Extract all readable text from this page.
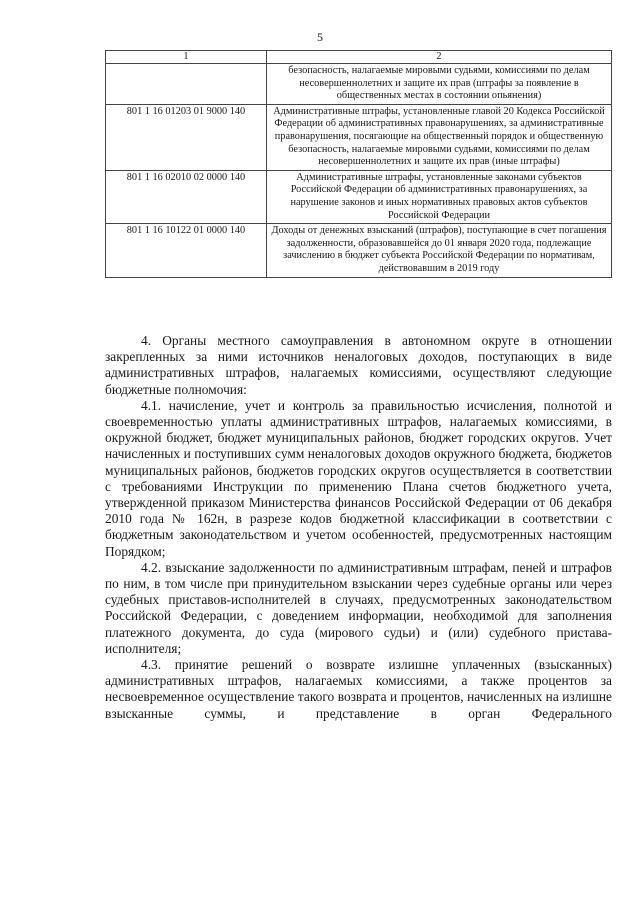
5
1	2
	безопасность, налагаемые мировыми судьями, комиссиями по делам несовершеннолетних и защите их прав (штрафы за появление в общественных местах в состоянии опьянения)
801 1 16 01203 01 9000 140	Административные штрафы, установленные главой 20 Кодекса Российской Федерации об административных правонарушениях, за административные правонарушения, посягающие на общественный порядок и общественную безопасность, налагаемые мировыми судьями, комиссиями по делам несовершеннолетних и защите их прав (иные штрафы)
801 1 16 02010 02 0000 140	Административные штрафы, установленные законами субъектов Российской Федерации об административных правонарушениях, за нарушение законов и иных нормативных правовых актов субъектов Российской Федерации
801 1 16 10122 01 0000 140	Доходы от денежных взысканий (штрафов), поступающие в счет погашения задолженности, образовавшейся до 01 января 2020 года, подлежащие зачислению в бюджет субъекта Российской Федерации по нормативам, действовавшим в 2019 году

4. Органы местного самоуправления в автономном округе в отношении закрепленных за ними источников неналоговых доходов, поступающих в виде административных штрафов, налагаемых комиссиями, осуществляют следующие бюджетные полномочия:

4.1. начисление, учет и контроль за правильностью исчисления, полнотой и своевременностью уплаты административных штрафов, налагаемых комиссиями, в окружной бюджет, бюджет муниципальных районов, бюджет городских округов. Учет начисленных и поступивших сумм неналоговых доходов окружного бюджета, бюджетов муниципальных районов, бюджетов городских округов осуществляется в соответствии с требованиями Инструкции по применению Плана счетов бюджетного учета, утвержденной приказом Министерства финансов Российской Федерации от 06 декабря 2010 года № 162н, в разрезе кодов бюджетной классификации в соответствии с бюджетным законодательством и учетом особенностей, предусмотренных настоящим Порядком;

4.2. взыскание задолженности по административным штрафам, пеней и штрафов по ним, в том числе при принудительном взыскании через судебные органы или через судебных приставов-исполнителей в случаях, предусмотренных законодательством Российской Федерации, с доведением информации, необходимой для заполнения платежного документа, до суда (мирового судьи) и (или) судебного пристава-исполнителя;

4.3. принятие решений о возврате излишне уплаченных (взысканных) административных штрафов, налагаемых комиссиями, а также процентов за несвоевременное осуществление такого возврата и процентов, начисленных на излишне взысканные суммы, и представление в орган Федерального
